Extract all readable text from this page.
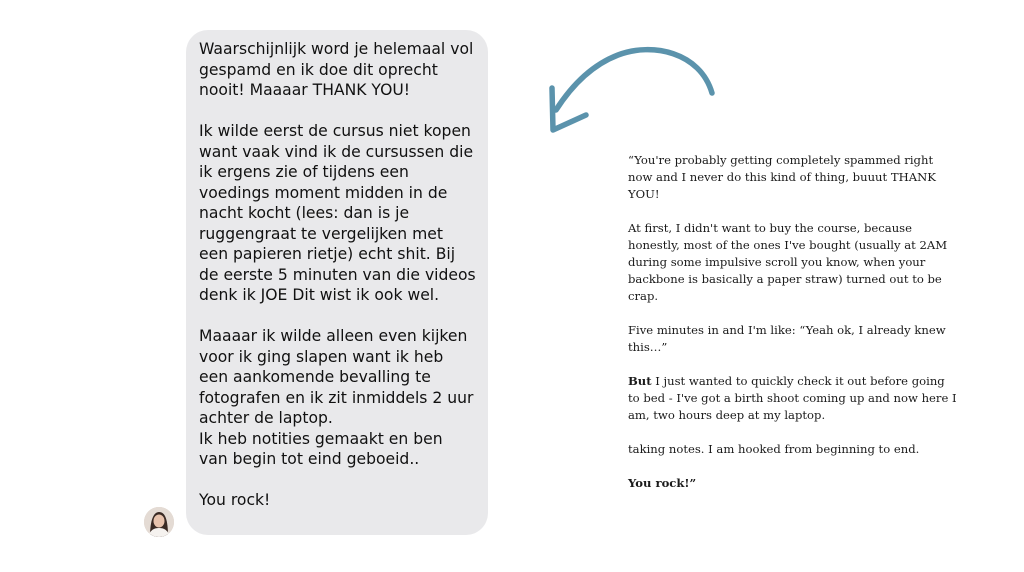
Waarschijnlijk word je helemaal vol gespamd en ik doe dit oprecht nooit! Maaaar THANK YOU!

Ik wilde eerst de cursus niet kopen want vaak vind ik de cursussen die ik ergens zie of tijdens een voedings moment midden in de nacht kocht (lees: dan is je ruggengraat te vergelijken met een papieren rietje) echt shit. Bij de eerste 5 minuten van die videos denk ik JOE Dit wist ik ook wel.

Maaaar ik wilde alleen even kijken voor ik ging slapen want ik heb een aankomende bevalling te fotografen en ik zit inmiddels 2 uur achter de laptop.

Ik heb notities gemaakt en ben van begin tot eind geboeid..

You rock!

“You're probably getting completely spammed right now and I never do this kind of thing, buuut THANK YOU!

At first, I didn't want to buy the course, because honestly, most of the ones I've bought (usually at 2AM during some impulsive scroll you know, when your backbone is basically a paper straw) turned out to be crap.

Five minutes in and I'm like: “Yeah ok, I already knew this…”

But I just wanted to quickly check it out before going to bed - I've got a birth shoot coming up and now here I am, two hours deep at my laptop.

taking notes. I am hooked from beginning to end.

You rock!”
